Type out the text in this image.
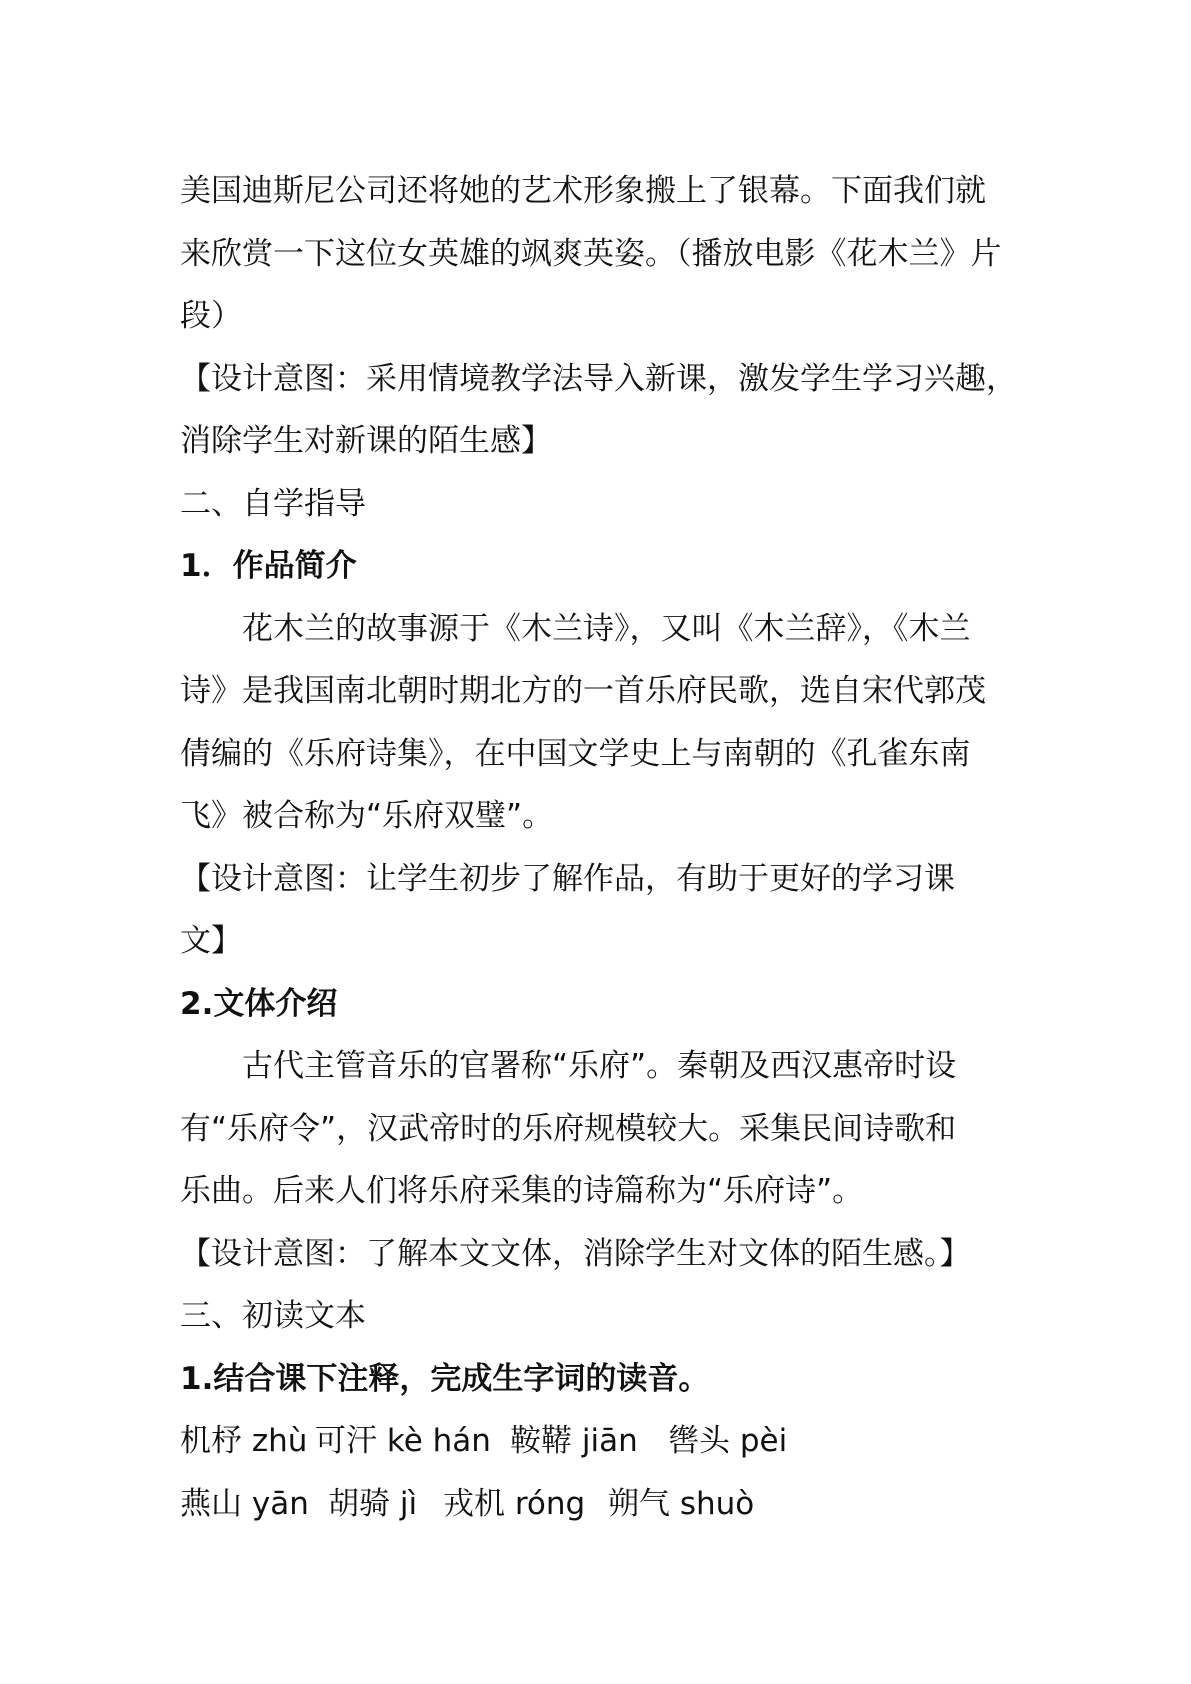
美国迪斯尼公司还将她的艺术形象搬上了银幕。下面我们就
来欣赏一下这位女英雄的飒爽英姿。（播放电影《花木兰》片
段）
【设计意图：采用情境教学法导入新课，激发学生学习兴趣，
消除学生对新课的陌生感】
二、自学指导
1．作品简介
花木兰的故事源于《木兰诗》，又叫《木兰辞》，《木兰
诗》是我国南北朝时期北方的一首乐府民歌，选自宋代郭茂
倩编的《乐府诗集》，在中国文学史上与南朝的《孔雀东南
飞》被合称为“乐府双璧”。
【设计意图：让学生初步了解作品，有助于更好的学习课
文】
2.文体介绍
古代主管音乐的官署称“乐府”。秦朝及西汉惠帝时设
有“乐府令”，汉武帝时的乐府规模较大。采集民间诗歌和
乐曲。后来人们将乐府采集的诗篇称为“乐府诗”。
【设计意图：了解本文文体，消除学生对文体的陌生感。】
三、初读文本
1.结合课下注释，完成生字词的读音。
机杼 zhù 可汗 kè hán 鞍鞯 jiān 辔头 pèi
燕山 yān 胡骑 jì 戎机 róng 朔气 shuò
